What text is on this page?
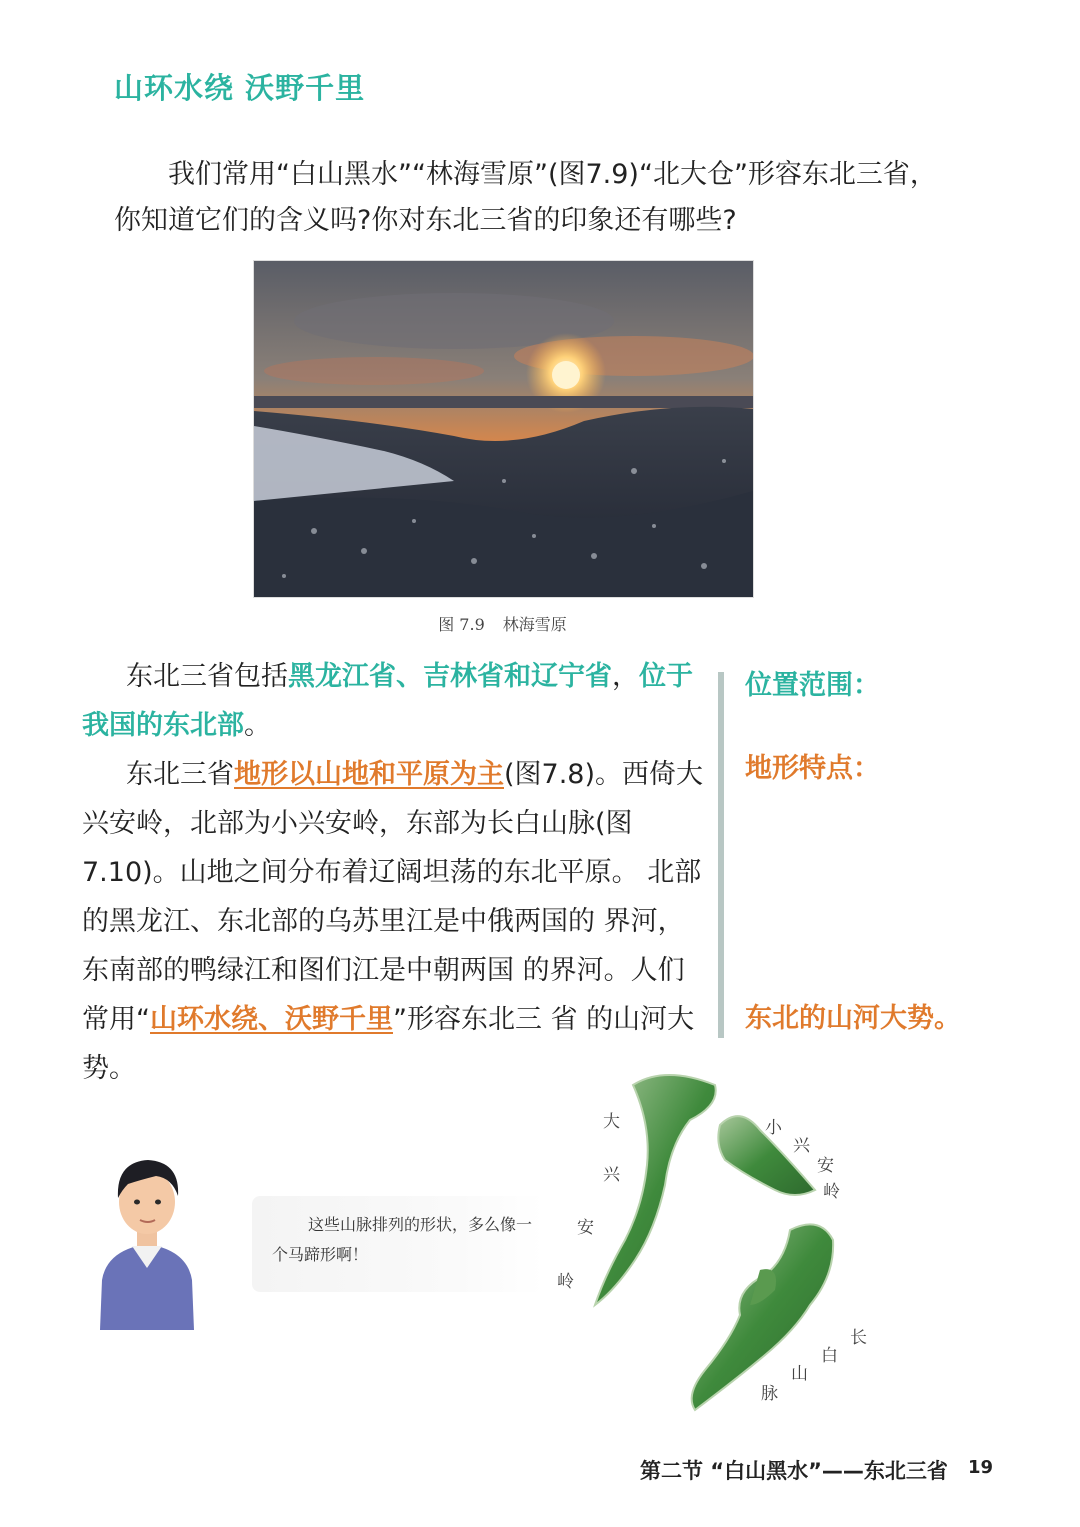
山环水绕 沃野千里
我们常用“白山黑水”“林海雪原”(图7.9)“北大仓”形容东北三省，
你知道它们的含义吗?你对东北三省的印象还有哪些?
图 7.9 林海雪原

东北三省包括黑龙江省、吉林省和辽宁省，位于我国的东北部。

东北三省地形以山地和平原为主(图7.8)。西倚大兴安岭，北部为小兴安岭，东部为长白山脉(图7.10)。山地之间分布着辽阔坦荡的东北平原。 北部的黑龙江、东北部的乌苏里江是中俄两国的 界河，东南部的鸭绿江和图们江是中朝两国 的界河。人们常用“山环水绕、沃野千里”形容东北三 省 的山河大势。

位置范围：
地形特点：
东北的山河大势。
这些山脉排列的形状，多么像一个马蹄形啊！
大
兴
安
岭
小
兴
安
岭
长
白
山
脉
第二节 “白山黑水”——东北三省 19
